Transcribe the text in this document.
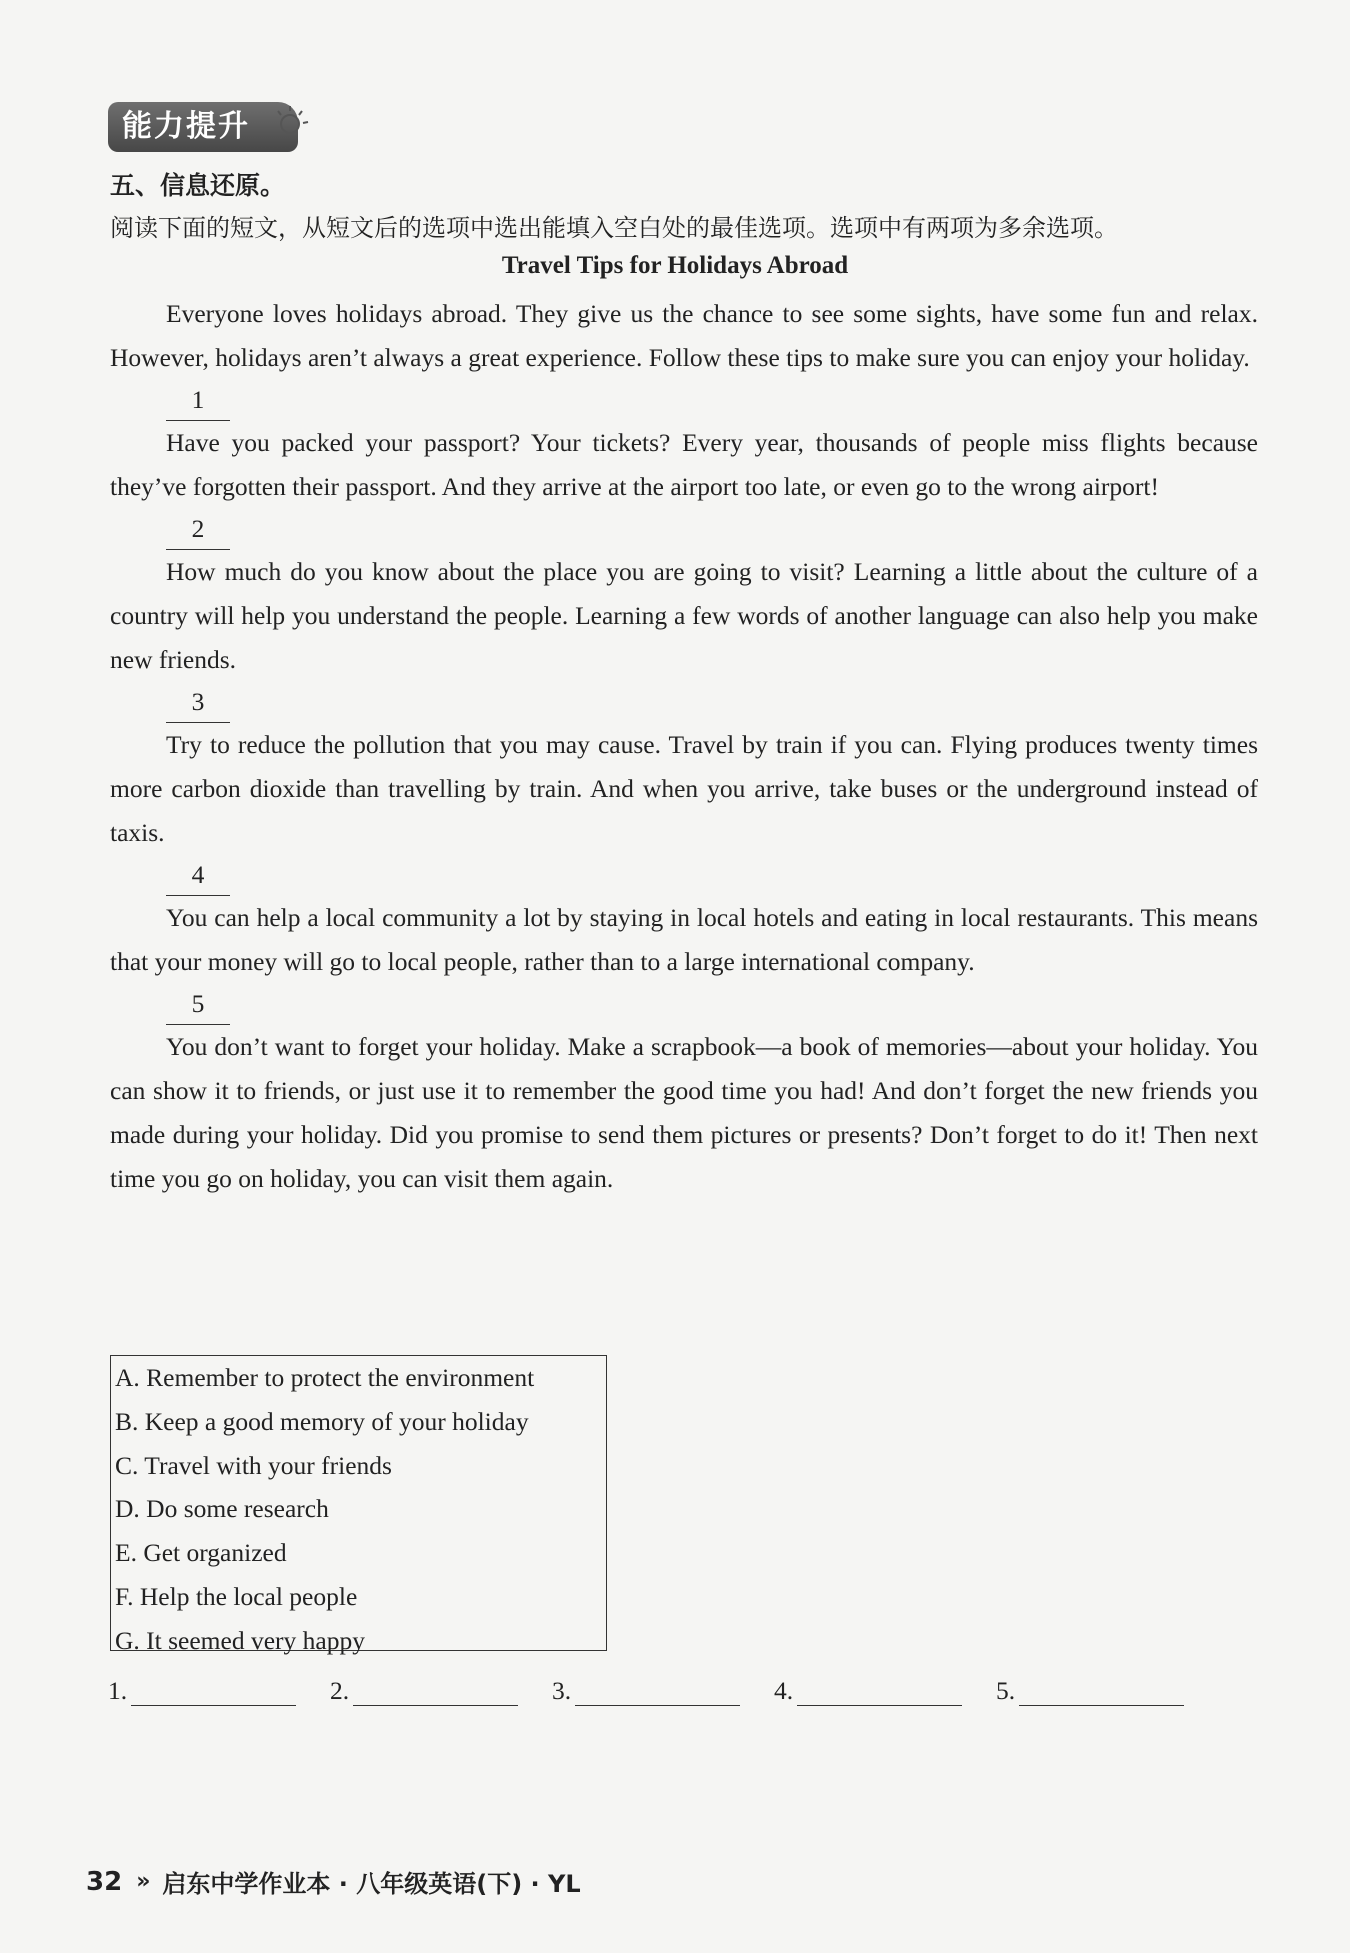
能力提升
五、信息还原。
阅读下面的短文，从短文后的选项中选出能填入空白处的最佳选项。选项中有两项为多余选项。
Travel Tips for Holidays Abroad

Everyone loves holidays abroad. They give us the chance to see some sights, have some fun and relax. However, holidays aren’t always a great experience. Follow these tips to make sure you can enjoy your holiday.

1

Have you packed your passport? Your tickets? Every year, thousands of people miss flights because they’ve forgotten their passport. And they arrive at the airport too late, or even go to the wrong airport!

2

How much do you know about the place you are going to visit? Learning a little about the culture of a country will help you understand the people. Learning a few words of another language can also help you make new friends.

3

Try to reduce the pollution that you may cause. Travel by train if you can. Flying produces twenty times more carbon dioxide than travelling by train. And when you arrive, take buses or the underground instead of taxis.

4

You can help a local community a lot by staying in local hotels and eating in local restaurants. This means that your money will go to local people, rather than to a large international company.

5

You don’t want to forget your holiday. Make a scrapbook—a book of memories—about your holiday. You can show it to friends, or just use it to remember the good time you had! And don’t forget the new friends you made during your holiday. Did you promise to send them pictures or presents? Don’t forget to do it! Then next time you go on holiday, you can visit them again.

A. Remember to protect the environment
B. Keep a good memory of your holiday
C. Travel with your friends
D. Do some research
E. Get organized
F. Help the local people
G. It seemed very happy
1.	2.	3.	4.	5.
32 » 启东中学作业本 · 八年级英语(下) · YL
